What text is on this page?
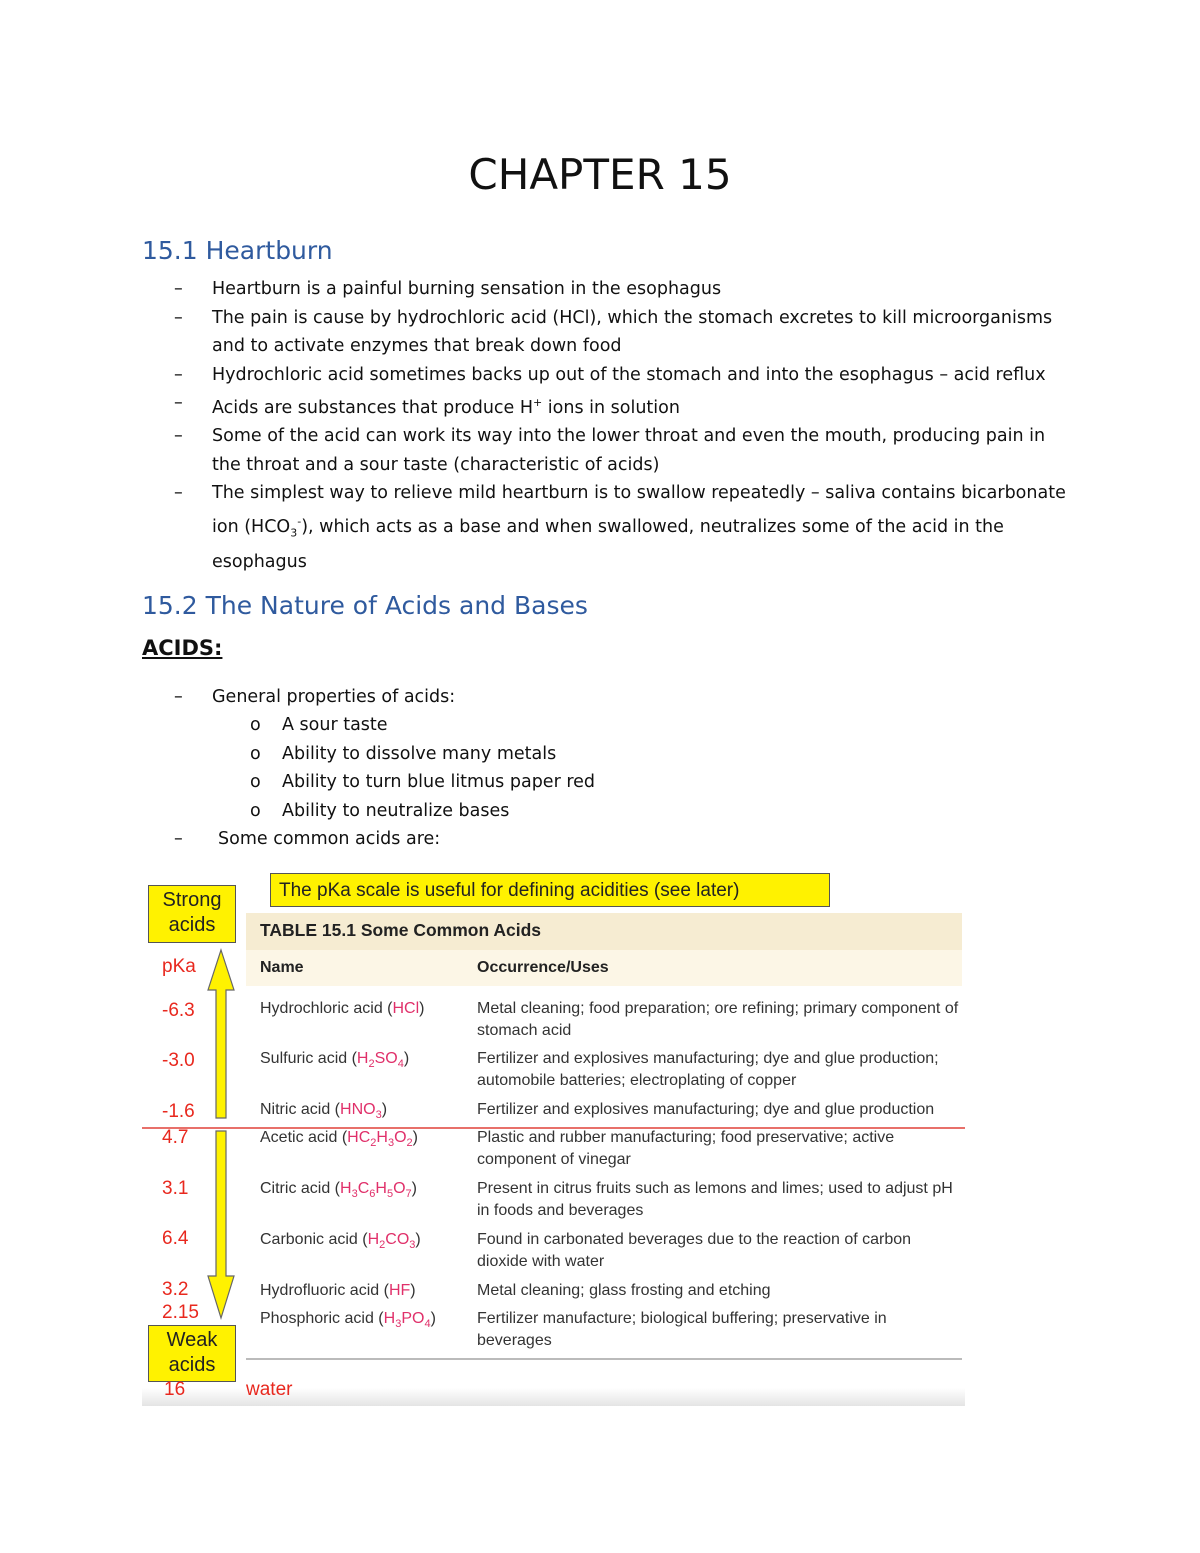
CHAPTER 15
15.1 Heartburn
– Heartburn is a painful burning sensation in the esophagus
– The pain is cause by hydrochloric acid (HCl), which the stomach excretes to kill microorganisms and to activate enzymes that break down food
– Hydrochloric acid sometimes backs up out of the stomach and into the esophagus – acid reflux
– Acids are substances that produce H+ ions in solution
– Some of the acid can work its way into the lower throat and even the mouth, producing pain in the throat and a sour taste (characteristic of acids)
– The simplest way to relieve mild heartburn is to swallow repeatedly – saliva contains bicarbonate ion $(HCO_3^-)$, which acts as a base and when swallowed, neutralizes some of the acid in the esophagus
15.2 The Nature of Acids and Bases

ACIDS:

– General properties of acids:
o A sour taste
o Ability to dissolve many metals
o Ability to turn blue litmus paper red
o Ability to neutralize bases
– Some common acids are:
Strong
acids
The pKa scale is useful for defining acidities (see later)
TABLE 15.1 Some Common Acids
Name	Occurrence/Uses
pKa
-6.3	Hydrochloric acid (HCl)	Metal cleaning; food preparation; ore refining; primary component of stomach acid
-3.0	Sulfuric acid $(H_2SO_4)$	Fertilizer and explosives manufacturing; dye and glue production; automobile batteries; electroplating of copper
-1.6	Nitric acid $(HNO_3)$	Fertilizer and explosives manufacturing; dye and glue production
4.7	Acetic acid $(HC_2H_3O_2)$	Plastic and rubber manufacturing; food preservative; active component of vinegar
3.1	Citric acid $(H_3C_6H_5O_7)$	Present in citrus fruits such as lemons and limes; used to adjust pH in foods and beverages
6.4	Carbonic acid $(H_2CO_3)$	Found in carbonated beverages due to the reaction of carbon dioxide with water
3.2	Hydrofluoric acid (HF)	Metal cleaning; glass frosting and etching
2.15	Phosphoric acid $(H_3PO_4)$	Fertilizer manufacture; biological buffering; preservative in beverages
Weak
acids
16	water
